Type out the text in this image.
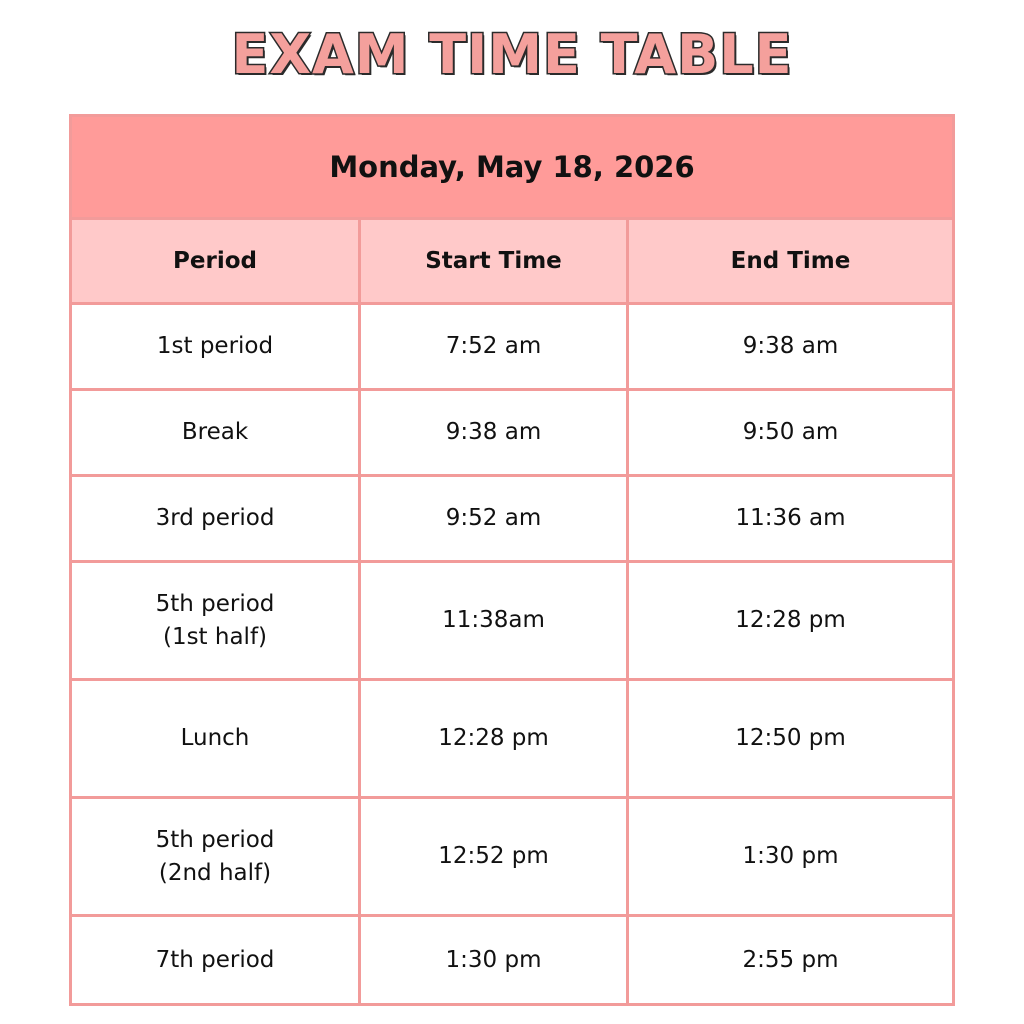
EXAM TIME TABLE
Monday, May 18, 2026
Period	Start Time	End Time
1st period	7:52 am	9:38 am
Break	9:38 am	9:50 am
3rd period	9:52 am	11:36 am
5th period
(1st half)
11:38am	12:28 pm
Lunch	12:28 pm	12:50 pm
5th period
(2nd half)
12:52 pm	1:30 pm
7th period	1:30 pm	2:55 pm
